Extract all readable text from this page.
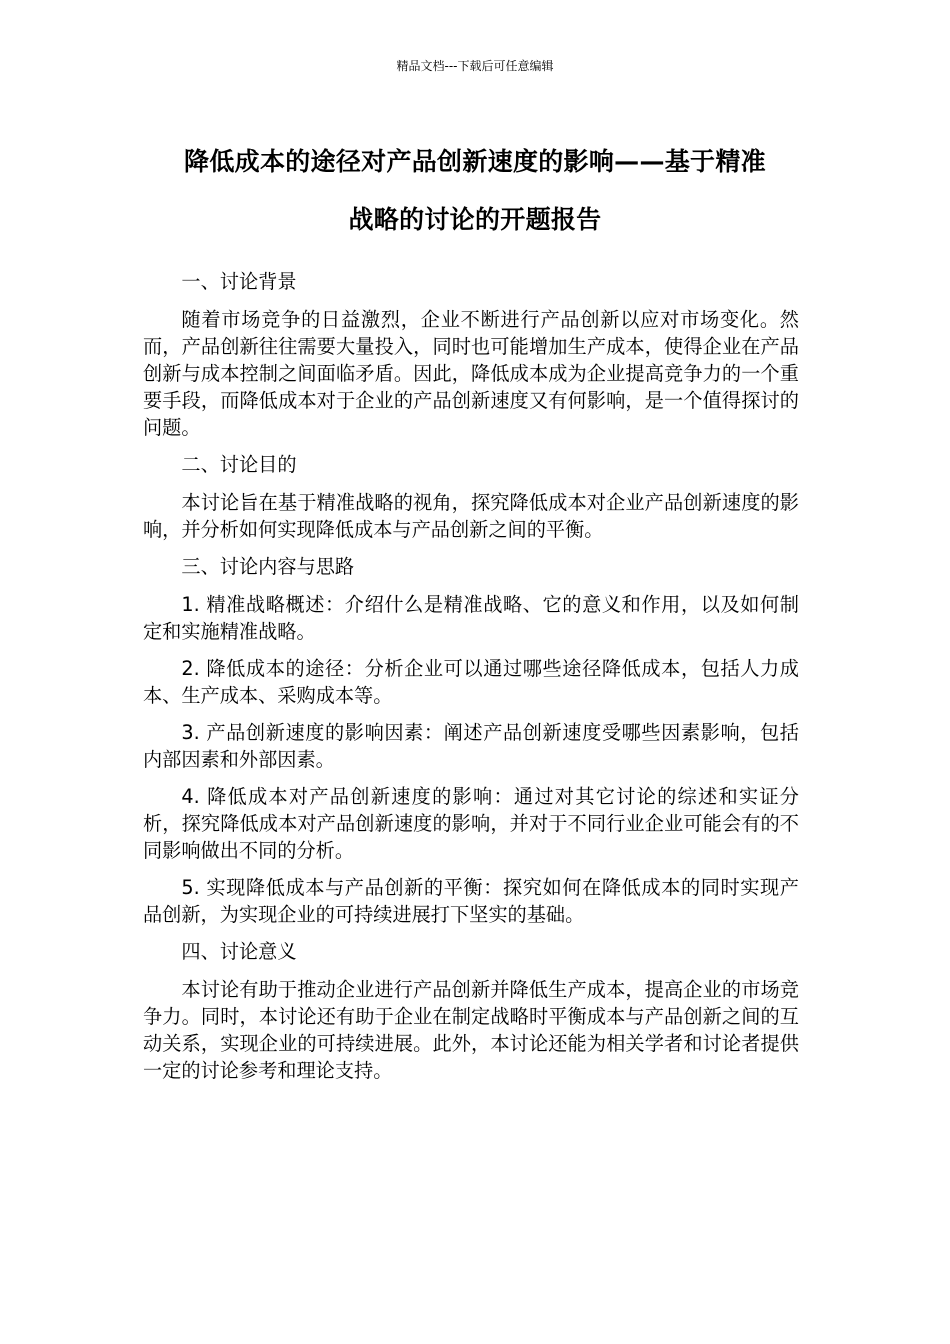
精品文档---下载后可任意编辑
降低成本的途径对产品创新速度的影响——基于精准
战略的讨论的开题报告

一、讨论背景

随着市场竞争的日益激烈，企业不断进行产品创新以应对市场变化。然而，产品创新往往需要大量投入，同时也可能增加生产成本，使得企业在产品创新与成本控制之间面临矛盾。因此，降低成本成为企业提高竞争力的一个重要手段，而降低成本对于企业的产品创新速度又有何影响，是一个值得探讨的问题。

二、讨论目的

本讨论旨在基于精准战略的视角，探究降低成本对企业产品创新速度的影响，并分析如何实现降低成本与产品创新之间的平衡。

三、讨论内容与思路

1. 精准战略概述：介绍什么是精准战略、它的意义和作用，以及如何制定和实施精准战略。

2. 降低成本的途径：分析企业可以通过哪些途径降低成本，包括人力成本、生产成本、采购成本等。

3. 产品创新速度的影响因素：阐述产品创新速度受哪些因素影响，包括内部因素和外部因素。

4. 降低成本对产品创新速度的影响：通过对其它讨论的综述和实证分析，探究降低成本对产品创新速度的影响，并对于不同行业企业可能会有的不同影响做出不同的分析。

5. 实现降低成本与产品创新的平衡：探究如何在降低成本的同时实现产品创新，为实现企业的可持续进展打下坚实的基础。

四、讨论意义

本讨论有助于推动企业进行产品创新并降低生产成本，提高企业的市场竞争力。同时，本讨论还有助于企业在制定战略时平衡成本与产品创新之间的互动关系，实现企业的可持续进展。此外，本讨论还能为相关学者和讨论者提供一定的讨论参考和理论支持。
